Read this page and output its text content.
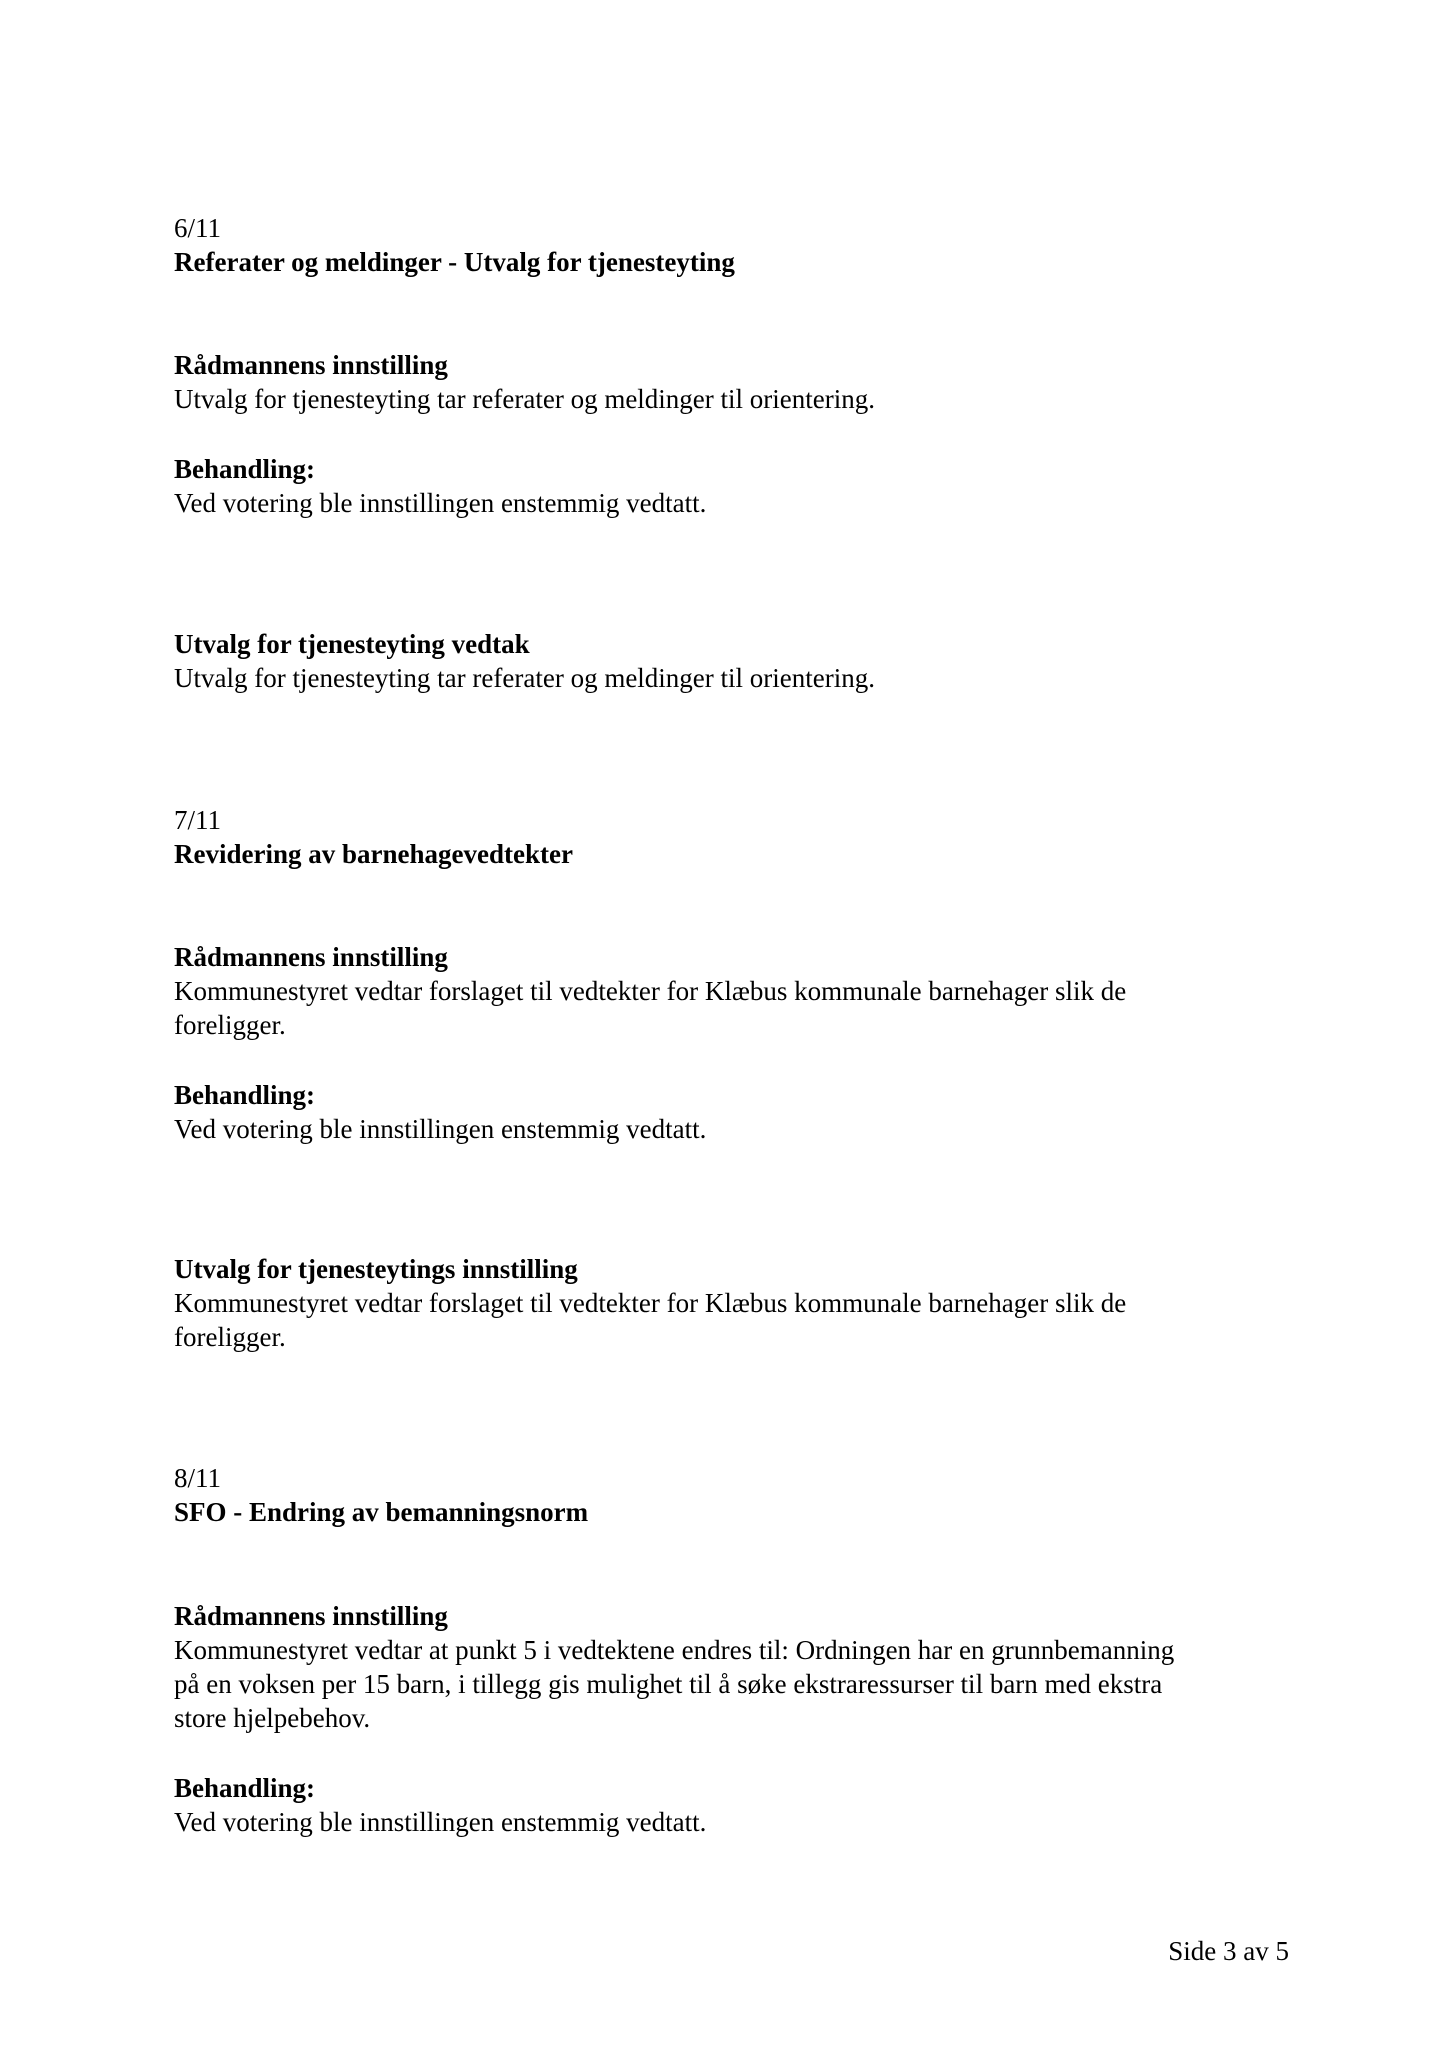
6/11
Referater og meldinger - Utvalg for tjenesteyting
Rådmannens innstilling
Utvalg for tjenesteyting tar referater og meldinger til orientering.
Behandling:
Ved votering ble innstillingen enstemmig vedtatt.
Utvalg for tjenesteyting vedtak
Utvalg for tjenesteyting tar referater og meldinger til orientering.
7/11
Revidering av barnehagevedtekter
Rådmannens innstilling
Kommunestyret vedtar forslaget til vedtekter for Klæbus kommunale barnehager slik de
foreligger.
Behandling:
Ved votering ble innstillingen enstemmig vedtatt.
Utvalg for tjenesteytings innstilling
Kommunestyret vedtar forslaget til vedtekter for Klæbus kommunale barnehager slik de
foreligger.
8/11
SFO - Endring av bemanningsnorm
Rådmannens innstilling
Kommunestyret vedtar at punkt 5 i vedtektene endres til: Ordningen har en grunnbemanning
på en voksen per 15 barn, i tillegg gis mulighet til å søke ekstraressurser til barn med ekstra
store hjelpebehov.
Behandling:
Ved votering ble innstillingen enstemmig vedtatt.
Side 3 av 5
